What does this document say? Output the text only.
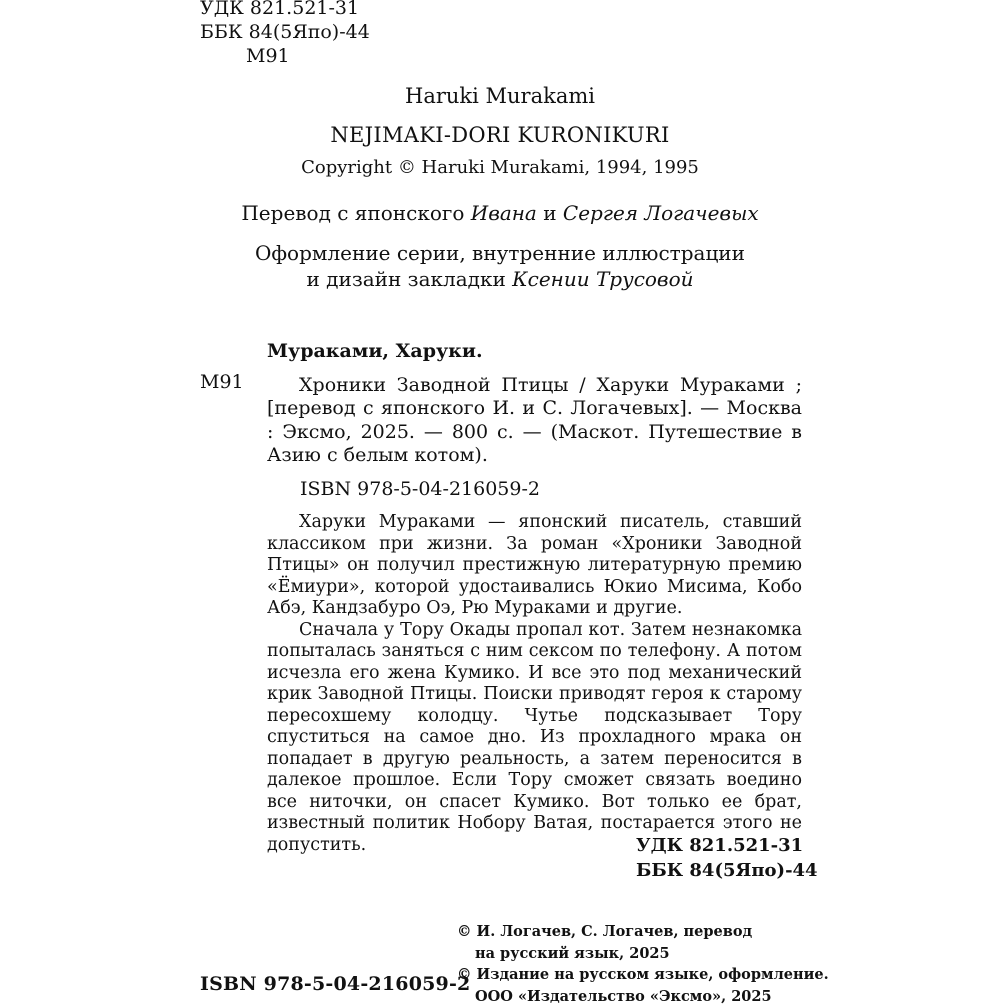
УДК 821.521-31
ББК 84(5Япо)-44
М91
Haruki Murakami
NEJIMAKI-DORI KURONIKURI
Copyright © Haruki Murakami, 1994, 1995
Перевод с японского Ивана и Сергея Логачевых
Оформление серии, внутренние иллюстрации
и дизайн закладки Ксении Трусовой
М91
Мураками, Харуки.
Хроники Заводной Птицы / Харуки Мураками ; [перевод с японского И. и С. Логачевых]. — Москва : Эксмо, 2025. — 800 с. — (Маскот. Путешествие в Азию с белым котом).
ISBN 978-5-04-216059-2

Харуки Мураками — японский писатель, ставший классиком при жизни. За роман «Хроники Заводной Птицы» он получил престижную литературную премию «Ёмиури», которой удостаивались Юкио Мисима, Кобо Абэ, Кандзабуро Оэ, Рю Мураками и другие.

Сначала у Тору Окады пропал кот. Затем незнакомка попыталась заняться с ним сексом по телефону. А потом исчезла его жена Кумико. И все это под механический крик Заводной Птицы. Поиски приводят героя к старому пересохшему колодцу. Чутье подсказывает Тору спуститься на самое дно. Из прохладного мрака он попадает в другую реальность, а затем переносится в далекое прошлое. Если Тору сможет связать воедино все ниточки, он спасет Кумико. Вот только ее брат, известный политик Нобору Ватая, постарается этого не допустить.	УДК 821.521-31
ББК 84(5Япо)-44
© И. Логачев, С. Логачев, перевод
на русский язык, 2025
© Издание на русском языке, оформление.
ООО «Издательство «Эксмо», 2025
ISBN 978-5-04-216059-2
